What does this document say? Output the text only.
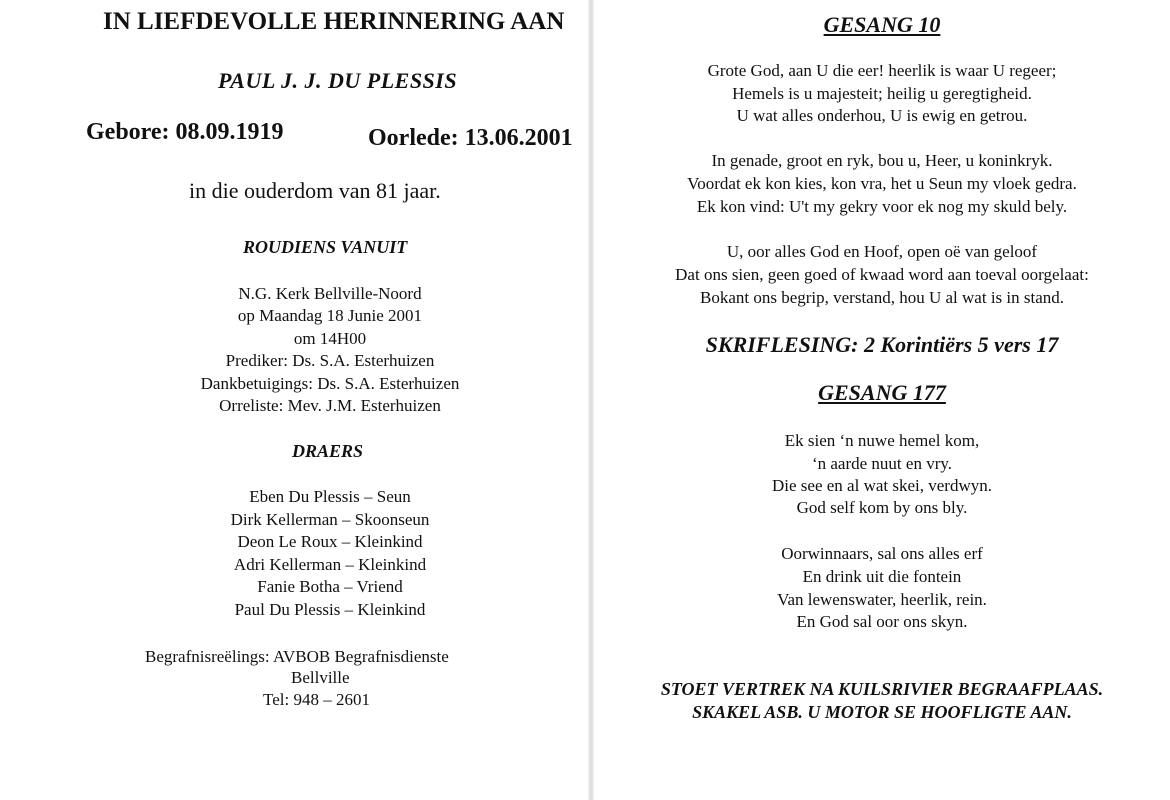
IN LIEFDEVOLLE HERINNERING AAN
PAUL J. J. DU PLESSIS
Gebore: 08.09.1919	Oorlede: 13.06.2001
in die ouderdom van 81 jaar.
ROUDIENS VANUIT
N.G. Kerk Bellville-Noord
op Maandag 18 Junie 2001
om 14H00
Prediker: Ds. S.A. Esterhuizen
Dankbetuigings: Ds. S.A. Esterhuizen
Orreliste: Mev. J.M. Esterhuizen
DRAERS
Eben Du Plessis – Seun
Dirk Kellerman – Skoonseun
Deon Le Roux – Kleinkind
Adri Kellerman – Kleinkind
Fanie Botha – Vriend
Paul Du Plessis – Kleinkind
Begrafnisreëlings: AVBOB Begrafnisdienste
Bellville
Tel: 948 – 2601
GESANG 10
Grote God, aan U die eer! heerlik is waar U regeer;
Hemels is u majesteit; heilig u geregtigheid.
U wat alles onderhou, U is ewig en getrou.
In genade, groot en ryk, bou u, Heer, u koninkryk.
Voordat ek kon kies, kon vra, het u Seun my vloek gedra.
Ek kon vind: U't my gekry voor ek nog my skuld bely.
U, oor alles God en Hoof, open oë van geloof
Dat ons sien, geen goed of kwaad word aan toeval oorgelaat:
Bokant ons begrip, verstand, hou U al wat is in stand.
SKRIFLESING: 2 Korintiërs 5 vers 17
GESANG 177
Ek sien ‘n nuwe hemel kom,
‘n aarde nuut en vry.
Die see en al wat skei, verdwyn.
God self kom by ons bly.
Oorwinnaars, sal ons alles erf
En drink uit die fontein
Van lewenswater, heerlik, rein.
En God sal oor ons skyn.
STOET VERTREK NA KUILSRIVIER BEGRAAFPLAAS.
SKAKEL ASB. U MOTOR SE HOOFLIGTE AAN.
